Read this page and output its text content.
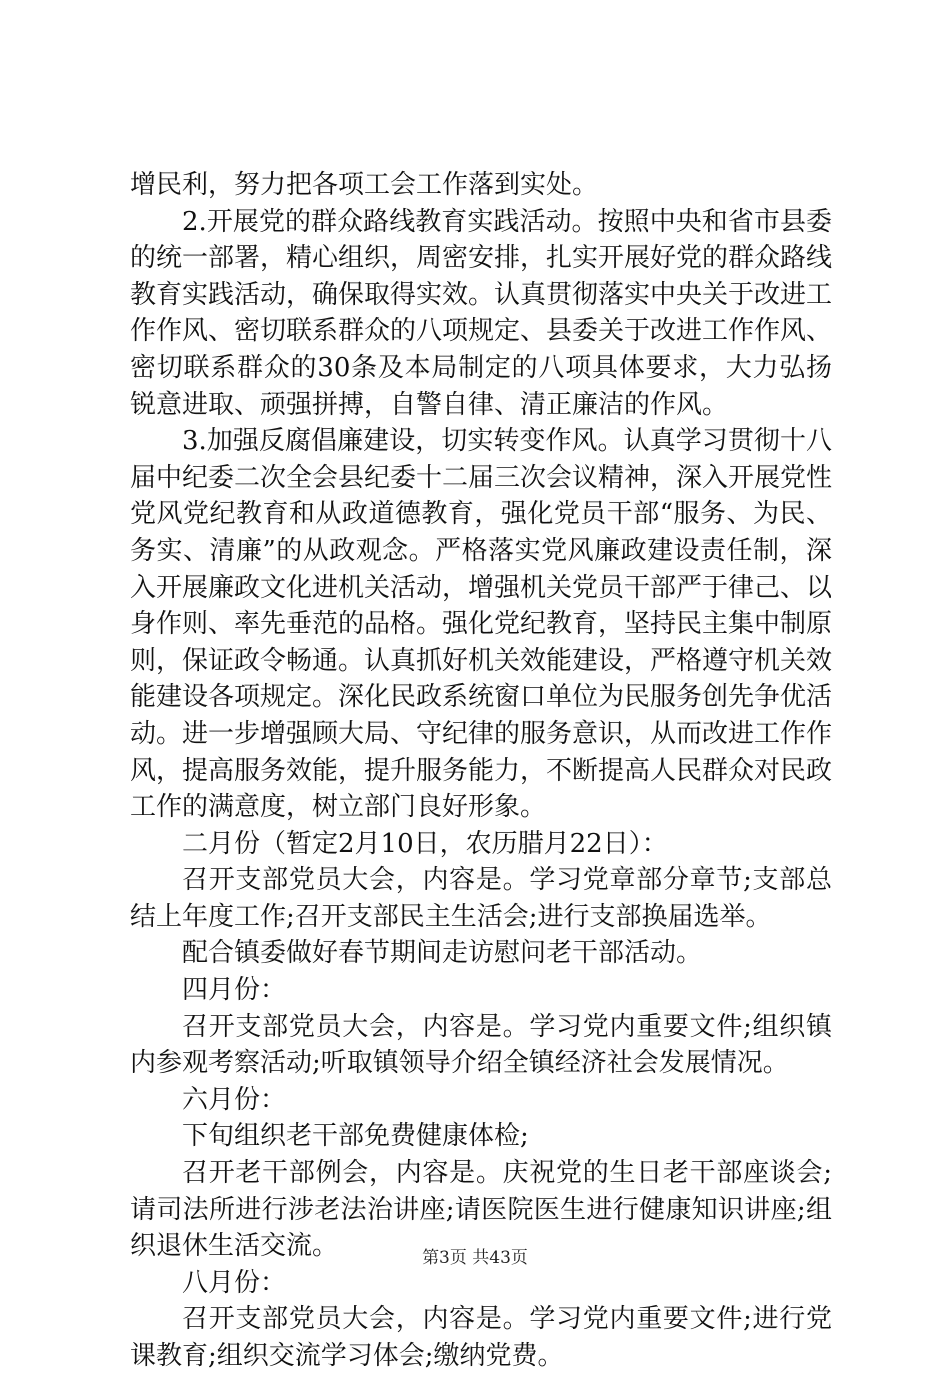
增民利，努力把各项工会工作落到实处。

2.开展党的群众路线教育实践活动。按照中央和省市县委的统一部署，精心组织，周密安排，扎实开展好党的群众路线教育实践活动，确保取得实效。认真贯彻落实中央关于改进工作作风、密切联系群众的八项规定、县委关于改进工作作风、密切联系群众的30条及本局制定的八项具体要求，大力弘扬锐意进取、顽强拼搏，自警自律、清正廉洁的作风。

3.加强反腐倡廉建设，切实转变作风。认真学习贯彻十八届中纪委二次全会县纪委十二届三次会议精神，深入开展党性党风党纪教育和从政道德教育，强化党员干部“服务、为民、务实、清廉”的从政观念。严格落实党风廉政建设责任制，深入开展廉政文化进机关活动，增强机关党员干部严于律己、以身作则、率先垂范的品格。强化党纪教育，坚持民主集中制原则，保证政令畅通。认真抓好机关效能建设，严格遵守机关效能建设各项规定。深化民政系统窗口单位为民服务创先争优活动。进一步增强顾大局、守纪律的服务意识，从而改进工作作风，提高服务效能，提升服务能力，不断提高人民群众对民政工作的满意度，树立部门良好形象。

二月份（暂定2月10日，农历腊月22日）：

召开支部党员大会，内容是。学习党章部分章节;支部总结上年度工作;召开支部民主生活会;进行支部换届选举。

配合镇委做好春节期间走访慰问老干部活动。

四月份：

召开支部党员大会，内容是。学习党内重要文件;组织镇内参观考察活动;听取镇领导介绍全镇经济社会发展情况。

六月份：

下旬组织老干部免费健康体检;

召开老干部例会，内容是。庆祝党的生日老干部座谈会;请司法所进行涉老法治讲座;请医院医生进行健康知识讲座;组织退休生活交流。

八月份：

召开支部党员大会，内容是。学习党内重要文件;进行党课教育;组织交流学习体会;缴纳党费。

第3页 共43页
